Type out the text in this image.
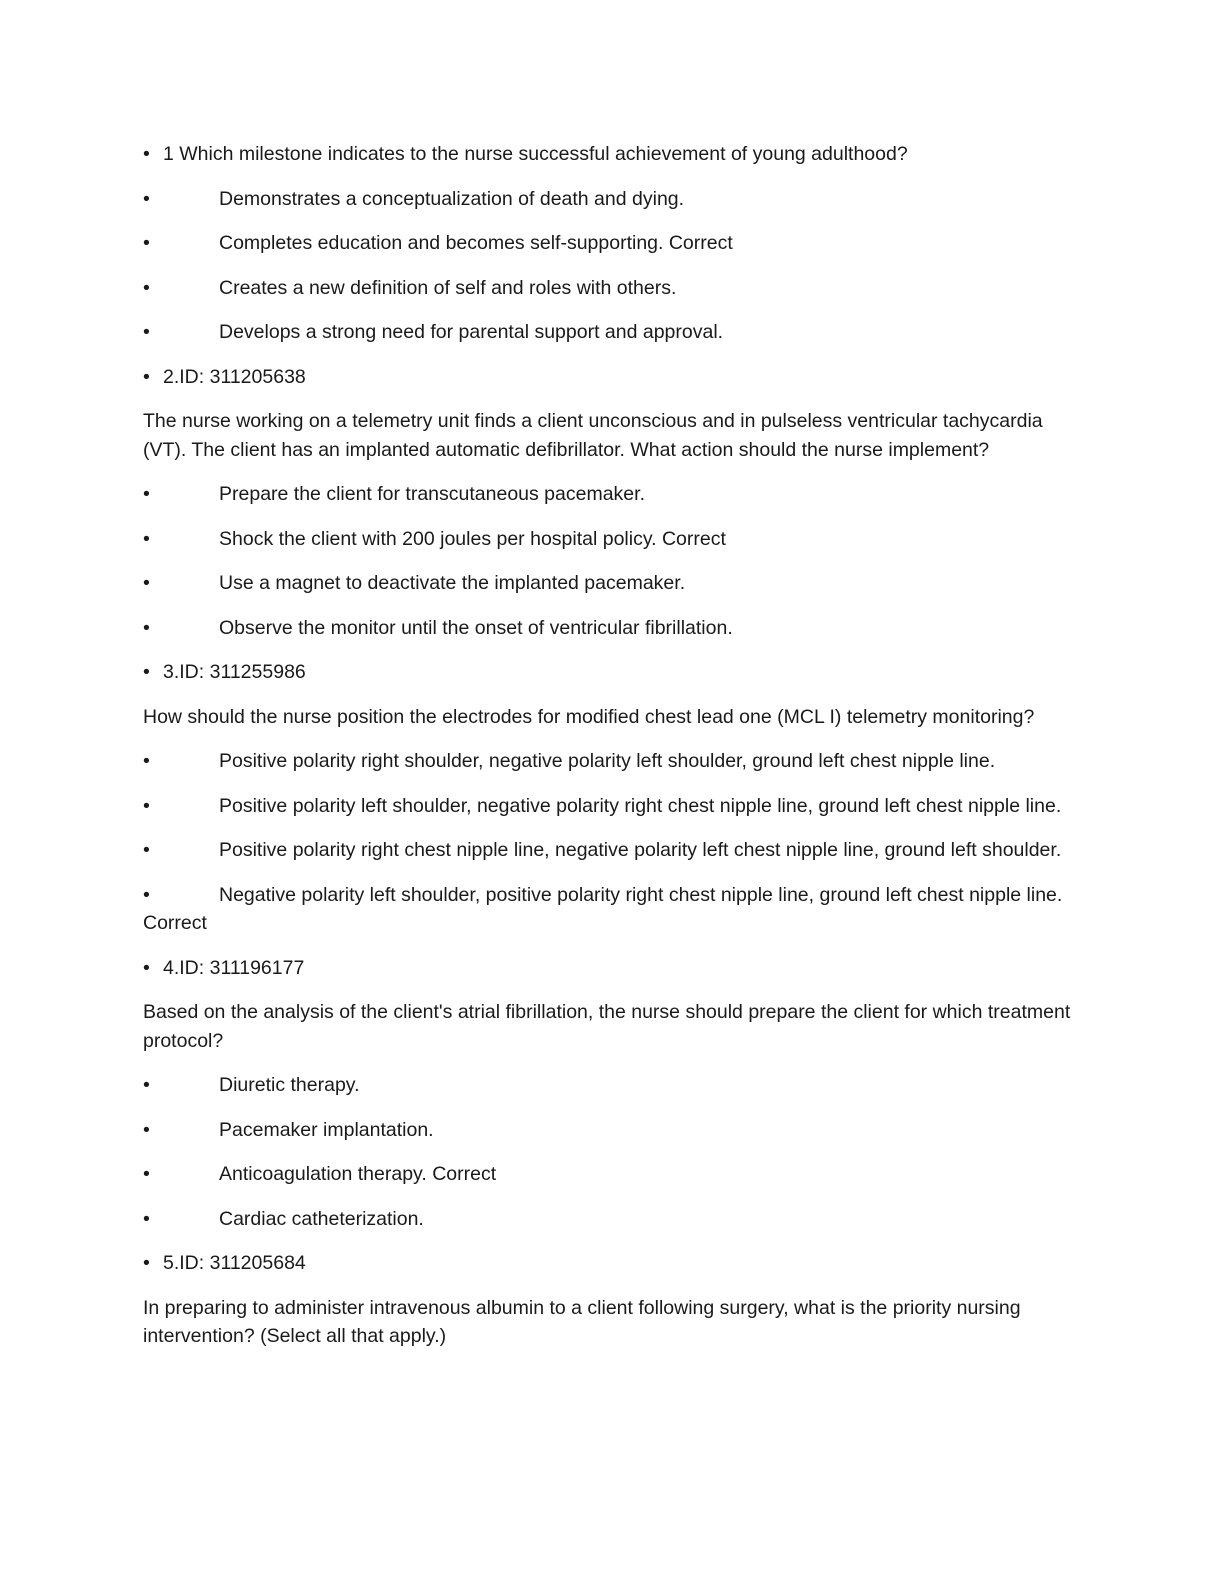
• 1 Which milestone indicates to the nurse successful achievement of young adulthood?
•	Demonstrates a conceptualization of death and dying.
•	Completes education and becomes self-supporting. Correct
•	Creates a new definition of self and roles with others.
•	Develops a strong need for parental support and approval.
• 2.ID: 311205638
The nurse working on a telemetry unit finds a client unconscious and in pulseless ventricular tachycardia (VT). The client has an implanted automatic defibrillator. What action should the nurse implement?
•	Prepare the client for transcutaneous pacemaker.
•	Shock the client with 200 joules per hospital policy. Correct
•	Use a magnet to deactivate the implanted pacemaker.
•	Observe the monitor until the onset of ventricular fibrillation.
• 3.ID: 311255986
How should the nurse position the electrodes for modified chest lead one (MCL I) telemetry monitoring?
•	Positive polarity right shoulder, negative polarity left shoulder, ground left chest nipple line.
•	Positive polarity left shoulder, negative polarity right chest nipple line, ground left chest nipple line.
•	Positive polarity right chest nipple line, negative polarity left chest nipple line, ground left shoulder.
•	Negative polarity left shoulder, positive polarity right chest nipple line, ground left chest nipple line. Correct
• 4.ID: 311196177
Based on the analysis of the client's atrial fibrillation, the nurse should prepare the client for which treatment protocol?
•	Diuretic therapy.
•	Pacemaker implantation.
•	Anticoagulation therapy. Correct
•	Cardiac catheterization.
• 5.ID: 311205684
In preparing to administer intravenous albumin to a client following surgery, what is the priority nursing intervention? (Select all that apply.)
